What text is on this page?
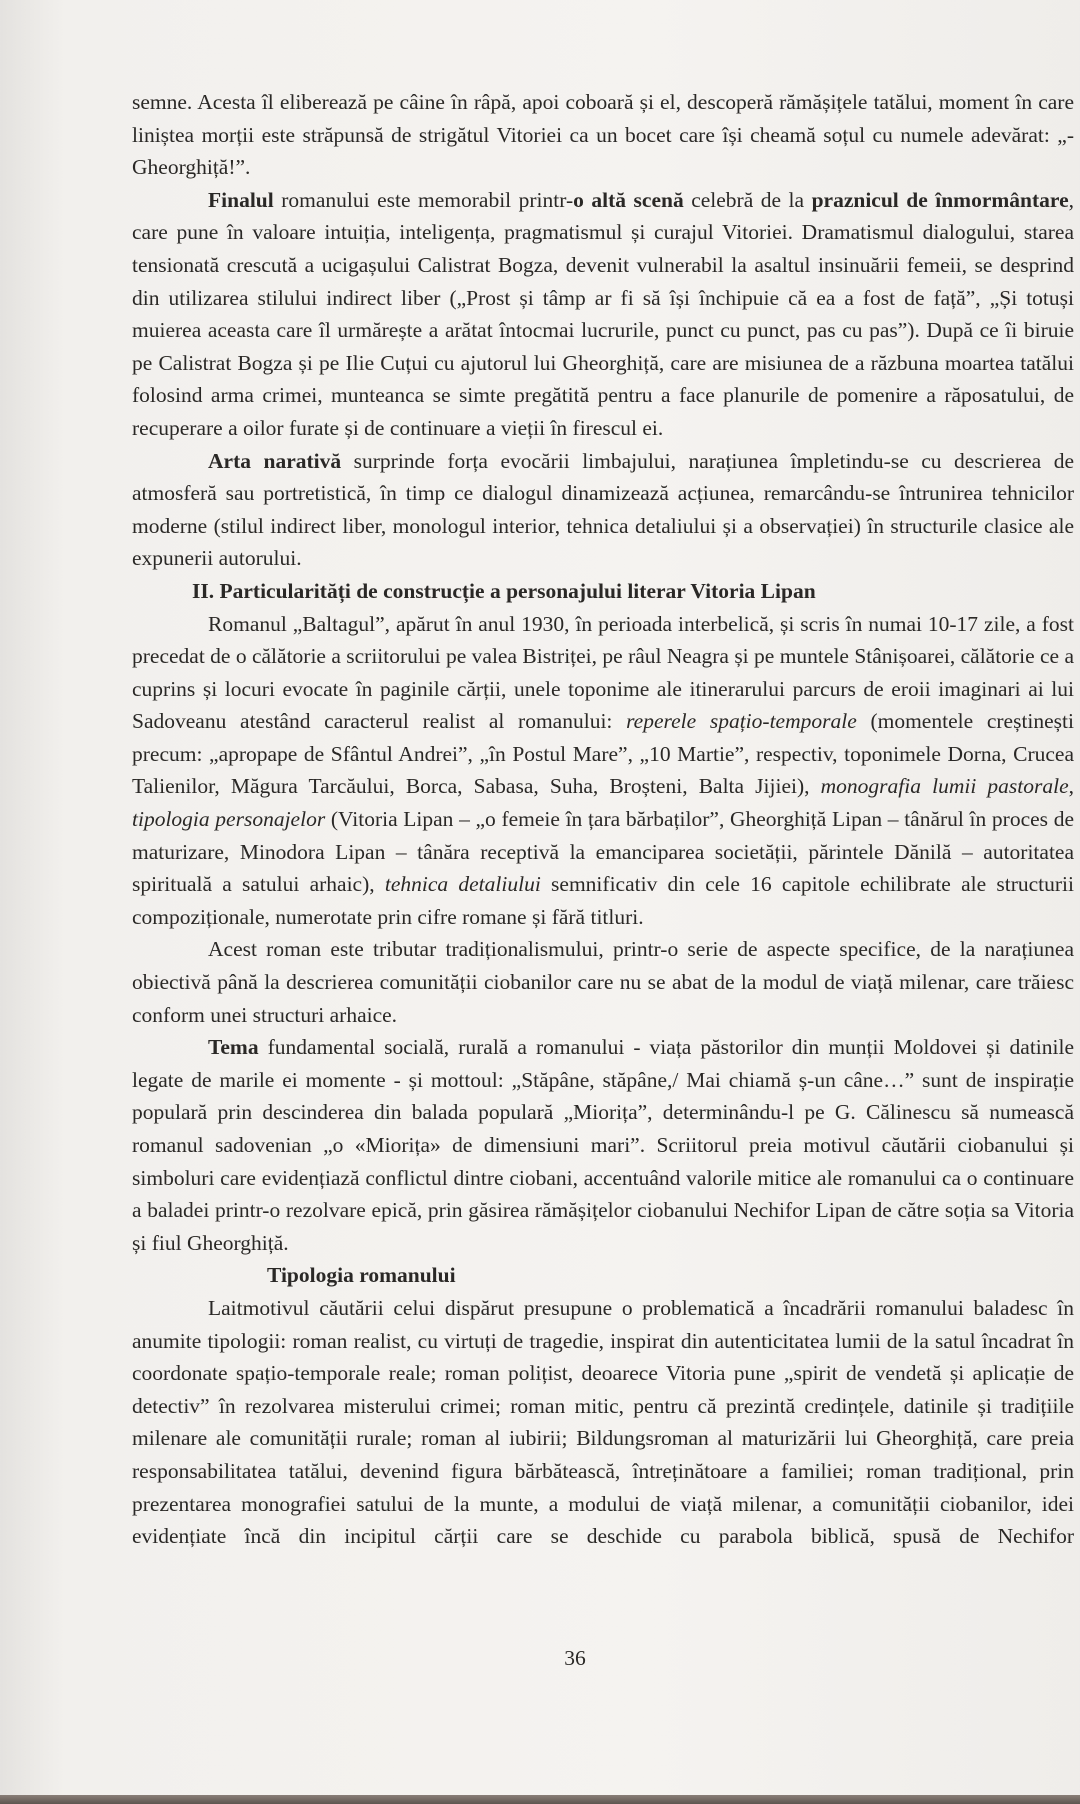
semne. Acesta îl eliberează pe câine în râpă, apoi coboară și el, descoperă rămășițele tatălui, moment în care liniștea morții este străpunsă de strigătul Vitoriei ca un bocet care își cheamă soțul cu numele adevărat: „- Gheorghiță!”.

Finalul romanului este memorabil printr-o altă scenă celebră de la praznicul de înmormântare, care pune în valoare intuiția, inteligența, pragmatismul și curajul Vitoriei. Dramatismul dialogului, starea tensionată crescută a ucigașului Calistrat Bogza, devenit vulnerabil la asaltul insinuării femeii, se desprind din utilizarea stilului indirect liber („Prost și tâmp ar fi să își închipuie că ea a fost de față”, „Și totuși muierea aceasta care îl urmărește a arătat întocmai lucrurile, punct cu punct, pas cu pas”). După ce îi biruie pe Calistrat Bogza și pe Ilie Cuțui cu ajutorul lui Gheorghiță, care are misiunea de a răzbuna moartea tatălui folosind arma crimei, munteanca se simte pregătită pentru a face planurile de pomenire a răposatului, de recuperare a oilor furate și de continuare a vieții în firescul ei.

Arta narativă surprinde forța evocării limbajului, narațiunea împletindu-se cu descrierea de atmosferă sau portretistică, în timp ce dialogul dinamizează acțiunea, remarcându-se întrunirea tehnicilor moderne (stilul indirect liber, monologul interior, tehnica detaliului și a observației) în structurile clasice ale expunerii autorului.

II. Particularități de construcție a personajului literar Vitoria Lipan

Romanul „Baltagul”, apărut în anul 1930, în perioada interbelică, și scris în numai 10-17 zile, a fost precedat de o călătorie a scriitorului pe valea Bistriței, pe râul Neagra și pe muntele Stânișoarei, călătorie ce a cuprins și locuri evocate în paginile cărții, unele toponime ale itinerarului parcurs de eroii imaginari ai lui Sadoveanu atestând caracterul realist al romanului: reperele spațio-temporale (momentele creștinești precum: „apropape de Sfântul Andrei”, „în Postul Mare”, „10 Martie”, respectiv, toponimele Dorna, Crucea Talienilor, Măgura Tarcăului, Borca, Sabasa, Suha, Broșteni, Balta Jijiei), monografia lumii pastorale, tipologia personajelor (Vitoria Lipan – „o femeie în țara bărbaților”, Gheorghiță Lipan – tânărul în proces de maturizare, Minodora Lipan – tânăra receptivă la emanciparea societății, părintele Dănilă – autoritatea spirituală a satului arhaic), tehnica detaliului semnificativ din cele 16 capitole echilibrate ale structurii compoziționale, numerotate prin cifre romane și fără titluri.

Acest roman este tributar tradiționalismului, printr-o serie de aspecte specifice, de la narațiunea obiectivă până la descrierea comunității ciobanilor care nu se abat de la modul de viață milenar, care trăiesc conform unei structuri arhaice.

Tema fundamental socială, rurală a romanului - viața păstorilor din munții Moldovei și datinile legate de marile ei momente - și mottoul: „Stăpâne, stăpâne,/ Mai chiamă ș-un câne…” sunt de inspirație populară prin descinderea din balada populară „Miorița”, determinându-l pe G. Călinescu să numească romanul sadovenian „o «Miorița» de dimensiuni mari”. Scriitorul preia motivul căutării ciobanului și simboluri care evidențiază conflictul dintre ciobani, accentuând valorile mitice ale romanului ca o continuare a baladei printr-o rezolvare epică, prin găsirea rămășițelor ciobanului Nechifor Lipan de către soția sa Vitoria și fiul Gheorghiță.

Tipologia romanului

Laitmotivul căutării celui dispărut presupune o problematică a încadrării romanului baladesc în anumite tipologii: roman realist, cu virtuți de tragedie, inspirat din autenticitatea lumii de la satul încadrat în coordonate spațio-temporale reale; roman polițist, deoarece Vitoria pune „spirit de vendetă și aplicație de detectiv” în rezolvarea misterului crimei; roman mitic, pentru că prezintă credințele, datinile și tradițiile milenare ale comunității rurale; roman al iubirii; Bildungsroman al maturizării lui Gheorghiță, care preia responsabilitatea tatălui, devenind figura bărbătească, întreținătoare a familiei; roman tradițional, prin prezentarea monografiei satului de la munte, a modului de viață milenar, a comunității ciobanilor, idei evidențiate încă din incipitul cărții care se deschide cu parabola biblică, spusă de Nechifor

36
